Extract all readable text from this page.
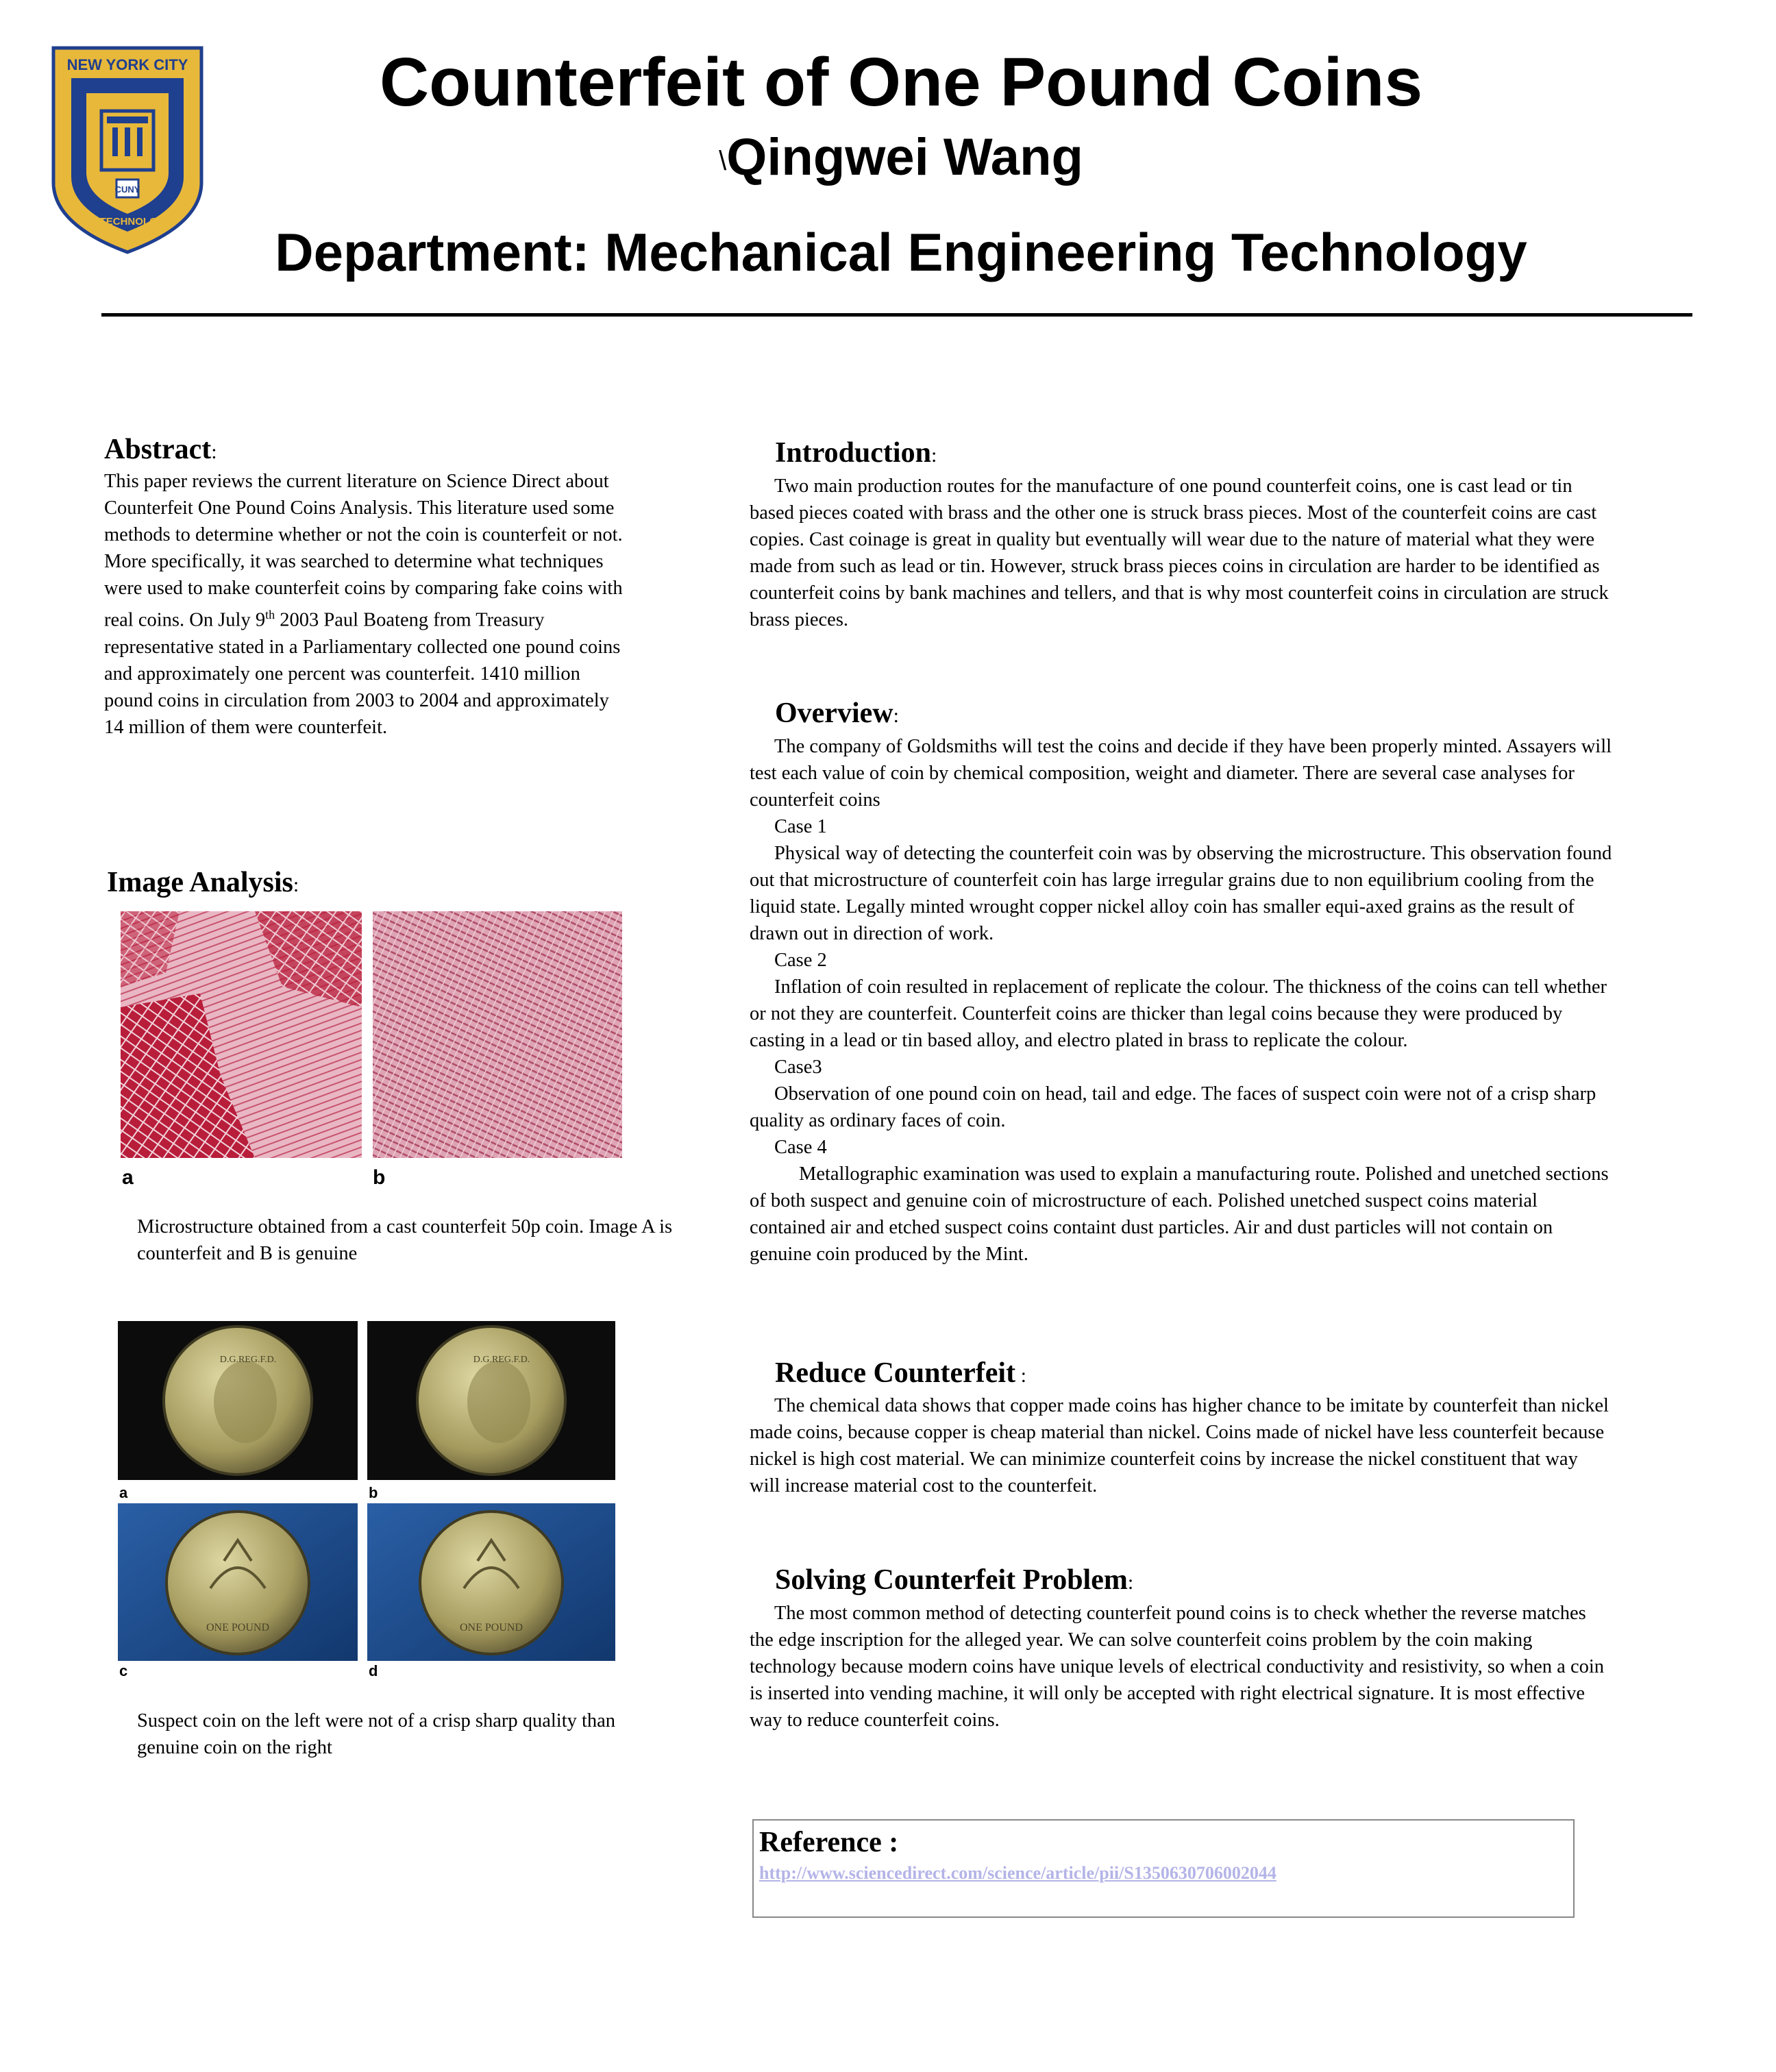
NEW YORK CITY
COLLEGE
OF TECHNOLOGY
CUNY
Counterfeit of One Pound Coins
\Qingwei Wang
Department: Mechanical Engineering Technology
Abstract:
This paper reviews the current literature on Science Direct about Counterfeit One Pound Coins Analysis. This literature used some methods to determine whether or not the coin is counterfeit or not. More specifically, it was searched to determine what techniques were used to make counterfeit coins by comparing fake coins with real coins. On July 9th 2003 Paul Boateng from Treasury representative stated in a Parliamentary collected one pound coins and approximately one percent was counterfeit. 1410 million pound coins in circulation from 2003 to 2004 and approximately 14 million of them were counterfeit.
Image Analysis:
a	b
Microstructure obtained from a cast counterfeit 50p coin. Image A is counterfeit and B is genuine
D.G.REG.F.D.	D.G.REG.F.D.
a	b
ONE POUND	ONE POUND
c	d
Suspect coin on the left were not of a crisp sharp quality than genuine coin on the right
Introduction:

Two main production routes for the manufacture of one pound counterfeit coins, one is cast lead or tin based pieces coated with brass and the other one is struck brass pieces. Most of the counterfeit coins are cast copies. Cast coinage is great in quality but eventually will wear due to the nature of material what they were made from such as lead or tin. However, struck brass pieces coins in circulation are harder to be identified as counterfeit coins by bank machines and tellers, and that is why most counterfeit coins in circulation are struck brass pieces.

Overview:

The company of Goldsmiths will test the coins and decide if they have been properly minted. Assayers will test each value of coin by chemical composition, weight and diameter. There are several case analyses for counterfeit coins

Case 1

Physical way of detecting the counterfeit coin was by observing the microstructure. This observation found out that microstructure of counterfeit coin has large irregular grains due to non equilibrium cooling from the liquid state. Legally minted wrought copper nickel alloy coin has smaller equi-axed grains as the result of drawn out in direction of work.

Case 2

Inflation of coin resulted in replacement of replicate the colour. The thickness of the coins can tell whether or not they are counterfeit. Counterfeit coins are thicker than legal coins because they were produced by casting in a lead or tin based alloy, and electro plated in brass to replicate the colour.

Case3

Observation of one pound coin on head, tail and edge. The faces of suspect coin were not of a crisp sharp quality as ordinary faces of coin.

Case 4

Metallographic examination was used to explain a manufacturing route. Polished and unetched sections of both suspect and genuine coin of microstructure of each. Polished unetched suspect coins material contained air and etched suspect coins containt dust particles. Air and dust particles will not contain on genuine coin produced by the Mint.

Reduce Counterfeit :

The chemical data shows that copper made coins has higher chance to be imitate by counterfeit than nickel made coins, because copper is cheap material than nickel. Coins made of nickel have less counterfeit because nickel is high cost material. We can minimize counterfeit coins by increase the nickel constituent that way will increase material cost to the counterfeit.

Solving Counterfeit Problem:

The most common method of detecting counterfeit pound coins is to check whether the reverse matches the edge inscription for the alleged year. We can solve counterfeit coins problem by the coin making technology because modern coins have unique levels of electrical conductivity and resistivity, so when a coin is inserted into vending machine, it will only be accepted with right electrical signature. It is most effective way to reduce counterfeit coins.

Reference :
http://www.sciencedirect.com/science/article/pii/S1350630706002044
